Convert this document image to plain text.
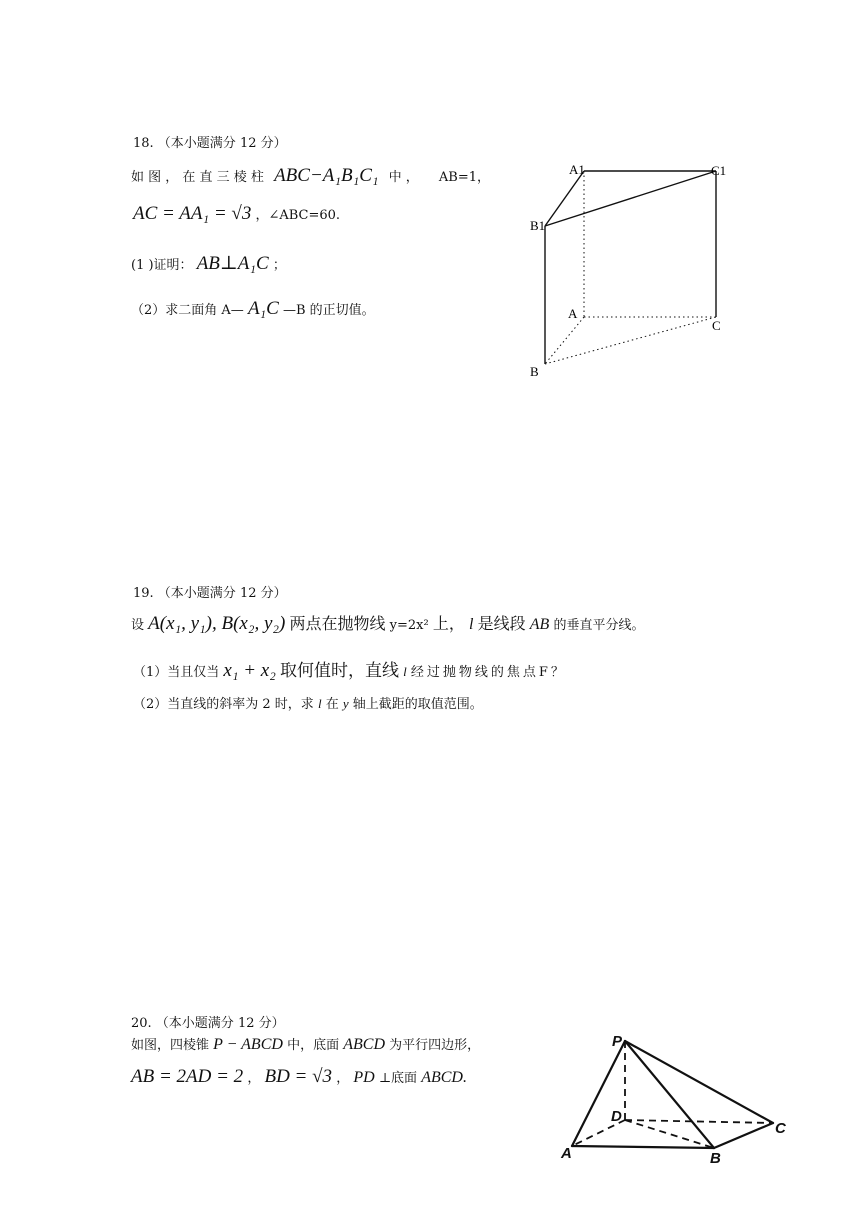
18. （本小题满分 12 分）
如 图 ， 在 直 三 棱 柱 ABC−A₁B₁C₁ 中 ， AB=1，
AC = AA₁ = √3 ，∠ABC=60.
(1 )证明： AB⊥A₁C ；
（2）求二面角 A— A₁C —B 的正切值。
A1	C1
B1
A
C
B
19. （本小题满分 12 分）
设 A(x₁, y₁), B(x₂, y₂) 两点在抛物线 y=2x² 上， l 是线段 AB 的垂直平分线。
（1）当且仅当 x₁ + x₂ 取何值时，直线 l 经过抛物线的焦点F？
（2）当直线的斜率为 2 时，求 l 在 y 轴上截距的取值范围。
20. （本小题满分 12 分）
如图，四棱锥 P − ABCD 中，底面 ABCD 为平行四边形，
AB = 2AD = 2 ， BD = √3 ， PD ⊥底面 ABCD.
P
D
C
A	B
